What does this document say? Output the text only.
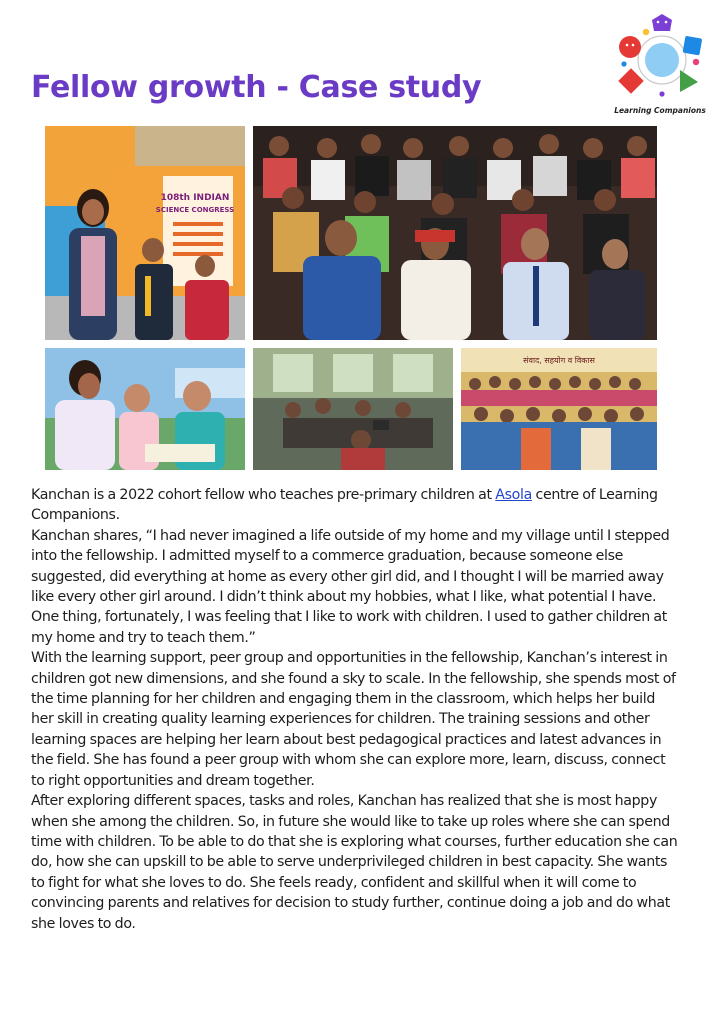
Fellow growth - Case study
Learning Companions
108th INDIAN
SCIENCE CONGRESS
संवाद, सहयोग व विकास

Kanchan is a 2022 cohort fellow who teaches pre-primary children at Asola centre of Learning Companions.

Kanchan shares, “I had never imagined a life outside of my home and my village until I stepped into the fellowship. I admitted myself to a commerce graduation, because someone else suggested, did everything at home as every other girl did, and I thought I will be married away like every other girl around. I didn’t think about my hobbies, what I like, what potential I have. One thing, fortunately, I was feeling that I like to work with children. I used to gather children at my home and try to teach them.”

With the learning support, peer group and opportunities in the fellowship, Kanchan’s interest in children got new dimensions, and she found a sky to scale. In the fellowship, she spends most of the time planning for her children and engaging them in the classroom, which helps her build her skill in creating quality learning experiences for children. The training sessions and other learning spaces are helping her learn about best pedagogical practices and latest advances in the field. She has found a peer group with whom she can explore more, learn, discuss, connect to right opportunities and dream together.

After exploring different spaces, tasks and roles, Kanchan has realized that she is most happy when she among the children. So, in future she would like to take up roles where she can spend time with children. To be able to do that she is exploring what courses, further education she can do, how she can upskill to be able to serve underprivileged children in best capacity. She wants to fight for what she loves to do. She feels ready, confident and skillful when it will come to convincing parents and relatives for decision to study further, continue doing a job and do what she loves to do.
